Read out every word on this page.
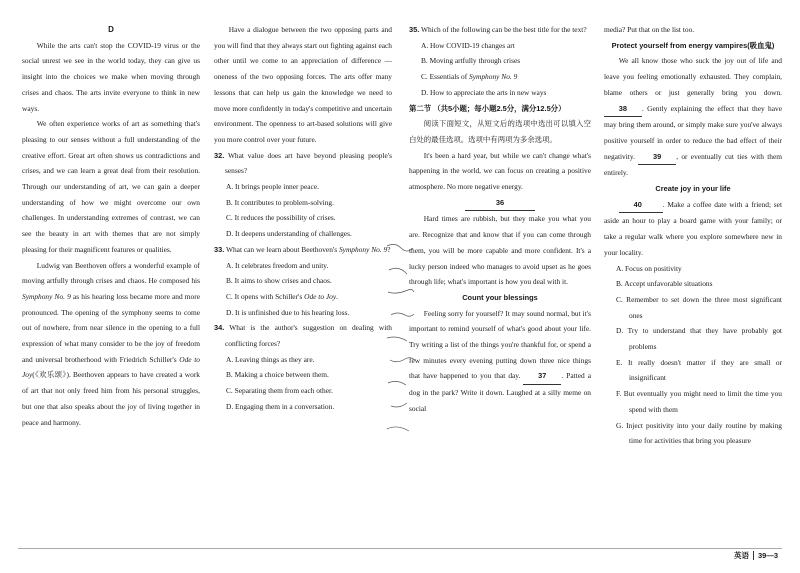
D
While the arts can't stop the COVID-19 virus or the social unrest we see in the world today, they can give us insight into the choices we make when moving through crises and chaos. The arts invite everyone to think in new ways.
We often experience works of art as something that's pleasing to our senses without a full understanding of the creative effort. Great art often shows us contradictions and crises, and we can learn a great deal from their resolution. Through our understanding of art, we can gain a deeper understanding of how we might overcome our own challenges. In understanding extremes of contrast, we can see the beauty in art with themes that are not simply pleasing for their magnificent features or qualities.
Ludwig van Beethoven offers a wonderful example of moving artfully through crises and chaos. He composed his Symphony No. 9 as his hearing loss became more and more pronounced. The opening of the symphony seems to come out of nowhere, from near silence in the opening to a full expression of what many consider to be the joy of freedom and universal brotherhood with Friedrich Schiller's Ode to Joy(《欢乐颂》). Beethoven appears to have created a work of art that not only freed him from his personal struggles, but one that also speaks about the joy of living together in peace and harmony.
Have a dialogue between the two opposing parts and you will find that they always start out fighting against each other until we come to an appreciation of difference — oneness of the two opposing forces. The arts offer many lessons that can help us gain the knowledge we need to move more confidently in today's competitive and uncertain environment. The openness to art-based solutions will give you more control over your future.
32. What value does art have beyond pleasing people's senses?
A. It brings people inner peace.
B. It contributes to problem-solving.
C. It reduces the possibility of crises.
D. It deepens understanding of challenges.
33. What can we learn about Beethoven's Symphony No. 9?
A. It celebrates freedom and unity.
B. It aims to show crises and chaos.
C. It opens with Schiller's Ode to Joy.
D. It is unfinished due to his hearing loss.
34. What is the author's suggestion on dealing with conflicting forces?
A. Leaving things as they are.
B. Making a choice between them.
C. Separating them from each other.
D. Engaging them in a conversation.
35. Which of the following can be the best title for the text?
A. How COVID-19 changes art
B. Moving artfully through crises
C. Essentials of Symphony No. 9
D. How to appreciate the arts in new ways
第二节 （共5小题；每小题2.5分，满分12.5分）
阅读下面短文，从短文后的选项中选出可以填入空白处的最佳选项。选项中有两项为多余选项。
It's been a hard year, but while we can't change what's happening in the world, we can focus on creating a positive atmosphere. No more negative energy.
36
Hard times are rubbish, but they make you what you are. Recognize that and know that if you can come through them, you will be more capable and more confident. It's a lucky person indeed who manages to avoid upset as he goes through life; what's important is how you deal with it.
Count your blessings
Feeling sorry for yourself? It may sound normal, but it's important to remind yourself of what's good about your life. Try writing a list of the things you're thankful for, or spend a few minutes every evening putting down three nice things that have happened to you that day. 37 . Patted a dog in the park? Write it down. Laughed at a silly meme on social
media? Put that on the list too.
Protect yourself from energy vampires(吸血鬼)
We all know those who suck the joy out of life and leave you feeling emotionally exhausted. They complain, blame others or just generally bring you down. 38 . Gently explaining the effect that they have may bring them around, or simply make sure you've always positive yourself in order to reduce the bad effect of their negativity. 39 , or eventually cut ties with them entirely.
Create joy in your life
40	. Make a coffee date with a friend; set aside an hour to play a board game with your family; or take a regular walk where you explore somewhere new in your locality.
A. Focus on positivity
B. Accept unfavorable situations
C. Remember to set down the three most significant ones
D. Try to understand that they have probably got problems
E. It really doesn't matter if they are small or insignificant
F. But eventually you might need to limit the time you spend with them
G. Inject positivity into your daily routine by making time for activities that bring you pleasure
英语 39—3
